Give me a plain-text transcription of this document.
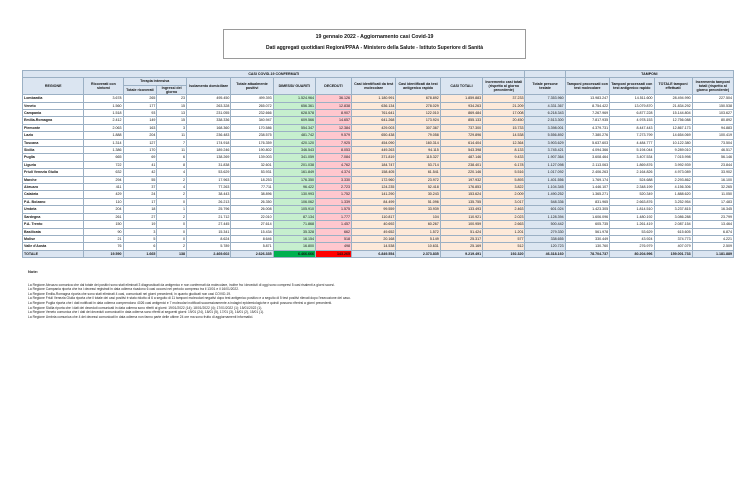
19 gennaio 2022 - Aggiornamento casi Covid-19
Dati aggregati quotidiani Regioni/PPAA - Ministero della Salute - Istituto Superiore di Sanità
CASI COVID-19 CONFERMATI													TAMPONI			
REGIONE	Ricoverati con sintomi	Terapia intensiva		Isolamento domiciliare	Totale attualmente positivi	DIMESSI/ GUARITI	DECEDUTI	Casi identificati da test molecolare	Casi identificati da test antigenico rapido	CASI TOTALI	Incremento casi totali (rispetto al giorno precedente)	Totale persone testate	Tamponi processati con test molecolare	Tamponi processati con test antigenico rapido	TOTALE tamponi effettuati	Incremento tamponi totali (rispetto al giorno precedente)
		Totale ricoverati	Ingressi del giorno													
Lombardia	3.678	265	23	495.450	499.393	1.524.964	36.126	1.180.991	678.892	1.859.883	37.233	7.353.960	13.983.247	14.511.600	28.494.990	227.504
Veneto	1.560	177	15	263.328	265.072	656.361	12.838	636.134	278.029	934.263	21.209	4.331.367	8.754.422	13.079.870	21.834.292	150.538
Campania	1.518	93	13	231.055	232.666	628.578	8.907	761.641	122.010	869.484	17.008	6.218.343	7.267.969	6.877.228	15.144.804	103.627
Emilia-Romagna	2.412	149	15	338.336	340.947	609.566	14.657	641.268	173.924	855.133	20.450	2.513.300	7.817.935	4.978.153	12.756.088	80.892
Piemonte	2.063	163	3	168.360	170.586	554.347	12.384	429.003	307.367	737.300	15.733	3.398.001	4.379.731	8.447.443	12.867.173	94.883
Lazio	1.888	204	11	236.483	238.575	481.742	9.579	650.438	79.058	729.896	14.538	5.556.892	7.380.276	7.273.799	14.654.069	100.419
Toscana	1.314	127	7	174.918	176.359	420.120	7.925	454.090	160.314	614.404	12.364	3.903.629	5.637.603	4.484.777	10.122.380	73.504
Sicilia	1.386	170	11	189.246	190.802	346.543	8.053	449.263	94.115	543.398	8.133	3.745.421	4.094.366	5.194.044	9.289.010	46.517
Puglia	665	69	6	138.269	139.003	341.059	7.084	371.819	115.327	487.146	9.433	1.907.364	3.608.464	3.407.534	7.015.998	56.146
Liguria	722	41	8	31.838	32.601	201.038	4.762	184.747	53.714	238.401	6.178	1.127.098	2.113.063	1.869.876	3.992.939	23.844
Friuli Venezia Giulia	632	42	4	53.629	53.931	161.849	4.374	158.405	61.541	220.146	5.516	1.017.092	2.406.263	2.164.826	4.973.089	33.902
Marche	294	55	2	17.963	18.253	176.350	3.330	172.960	23.972	197.932	5.893	1.401.556	1.769.174	524.688	2.293.862	16.100
Abruzzo	411	37	4	77.263	77.711	96.422	2.723	124.235	52.418	176.853	3.822	1.104.345	1.446.107	2.348.199	4.156.306	32.265
Calabria	429	24	2	38.443	38.896	130.993	1.752	141.290	30.243	153.624	2.009	1.490.252	1.365.271	520.349	1.888.620	11.050
P.A. Bolzano	110	17	0	26.213	26.350	106.062	1.339	84.499	51.096	135.755	3.017	548.336	831.965	2.663.876	3.252.954	17.483
Umbria	204	18	1	25.796	26.008	105.910	1.575	99.559	33.939	133.493	2.463	601.024	1.423.305	1.814.510	3.237.815	16.345
Sardegna	261	27	2	21.712	22.010	87.134	1.777	110.817	104	110.921	2.023	1.128.394	1.606.096	1.480.192	3.086.288	23.799
P.A. Trento	150	19	0	27.445	27.614	71.868	1.457	40.692	60.267	100.959	2.663	500.442	605.735	1.261.419	2.087.154	13.464
Basilicata	90	3	0	15.341	15.434	35.328	662	49.652	1.572	51.424	1.201	279.330	561.978	53.629	615.605	6.874
Molise	21	5	0	8.624	8.646	16.154	518	20.168	5.149	25.317	577	338.655	330.449	43.924	374.773	4.221
Valle d'Aosta	76	6	2	5.789	5.871	16.800	498	14.538	10.631	25.169	512	120.723	130.760	276.979	407.079	2.509
TOTALE	19.590	1.665	138	2.469.602	2.626.335	6.466.666	143.265	6.849.554	2.373.835	9.219.491	192.320	46.318.160	78.704.737	80.204.996	159.001.733	1.181.889
Note:
La Regione Abruzzo comunica che dal totale dei positivi sono stati eliminati 3 diagnosticati da antigenico e non confermati da molecolare, inoltre fra i deceduti di oggi sono compresi 5 casi risalenti a giorni scorsi.
La Regione Campania riporta che tra i decessi registrati in data odierna ricadono 6 casi occorsi nel periodo compreso tra il 13/01 e il 16/01/2022.
La Regione Emilia-Romagna riporta che sono stati eliminati 4 casi, comunicati nei giorni precedenti, in quanto giudicati non casi COVID-19.
La Regione Friuli Venezia Giulia riporta che il totale dei casi positivi è stato ridotto di 6 a seguito di 11 tamponi molecolari negativi dopo test antigenico positivo e a seguito di 5 test positivi rilevati dopo l'esecuzione del caso.
La Regione Puglia riporta che i dati notificati in data odierna comprendono 4026 casi antigenici e 7 molecolari notificati successivamente a indagini epidemiologiche e quindi possono riferirsi a giorni precedenti.
La Regione Sicilia riporta che i dati dei deceduti comunicati in data odierna sono riferiti ai giorni: 19/01/2022 (14); 18/01/2022 (4); 17/01/2022 (1); 15/01/2022 (1).
La Regione Veneto comunica che i dati dei deceduti comunicati in data odierna sono riferiti ai seguenti giorni: 19/01 (24), 18/01 (5), 17/01 (3), 16/01 (2), 15/01 (1).
La Regione Umbria comunica che 4 dei decessi comunicati in data odierna non fanno parte delle ultime 24 ore ma sono frutto di aggiornamenti informatici.
